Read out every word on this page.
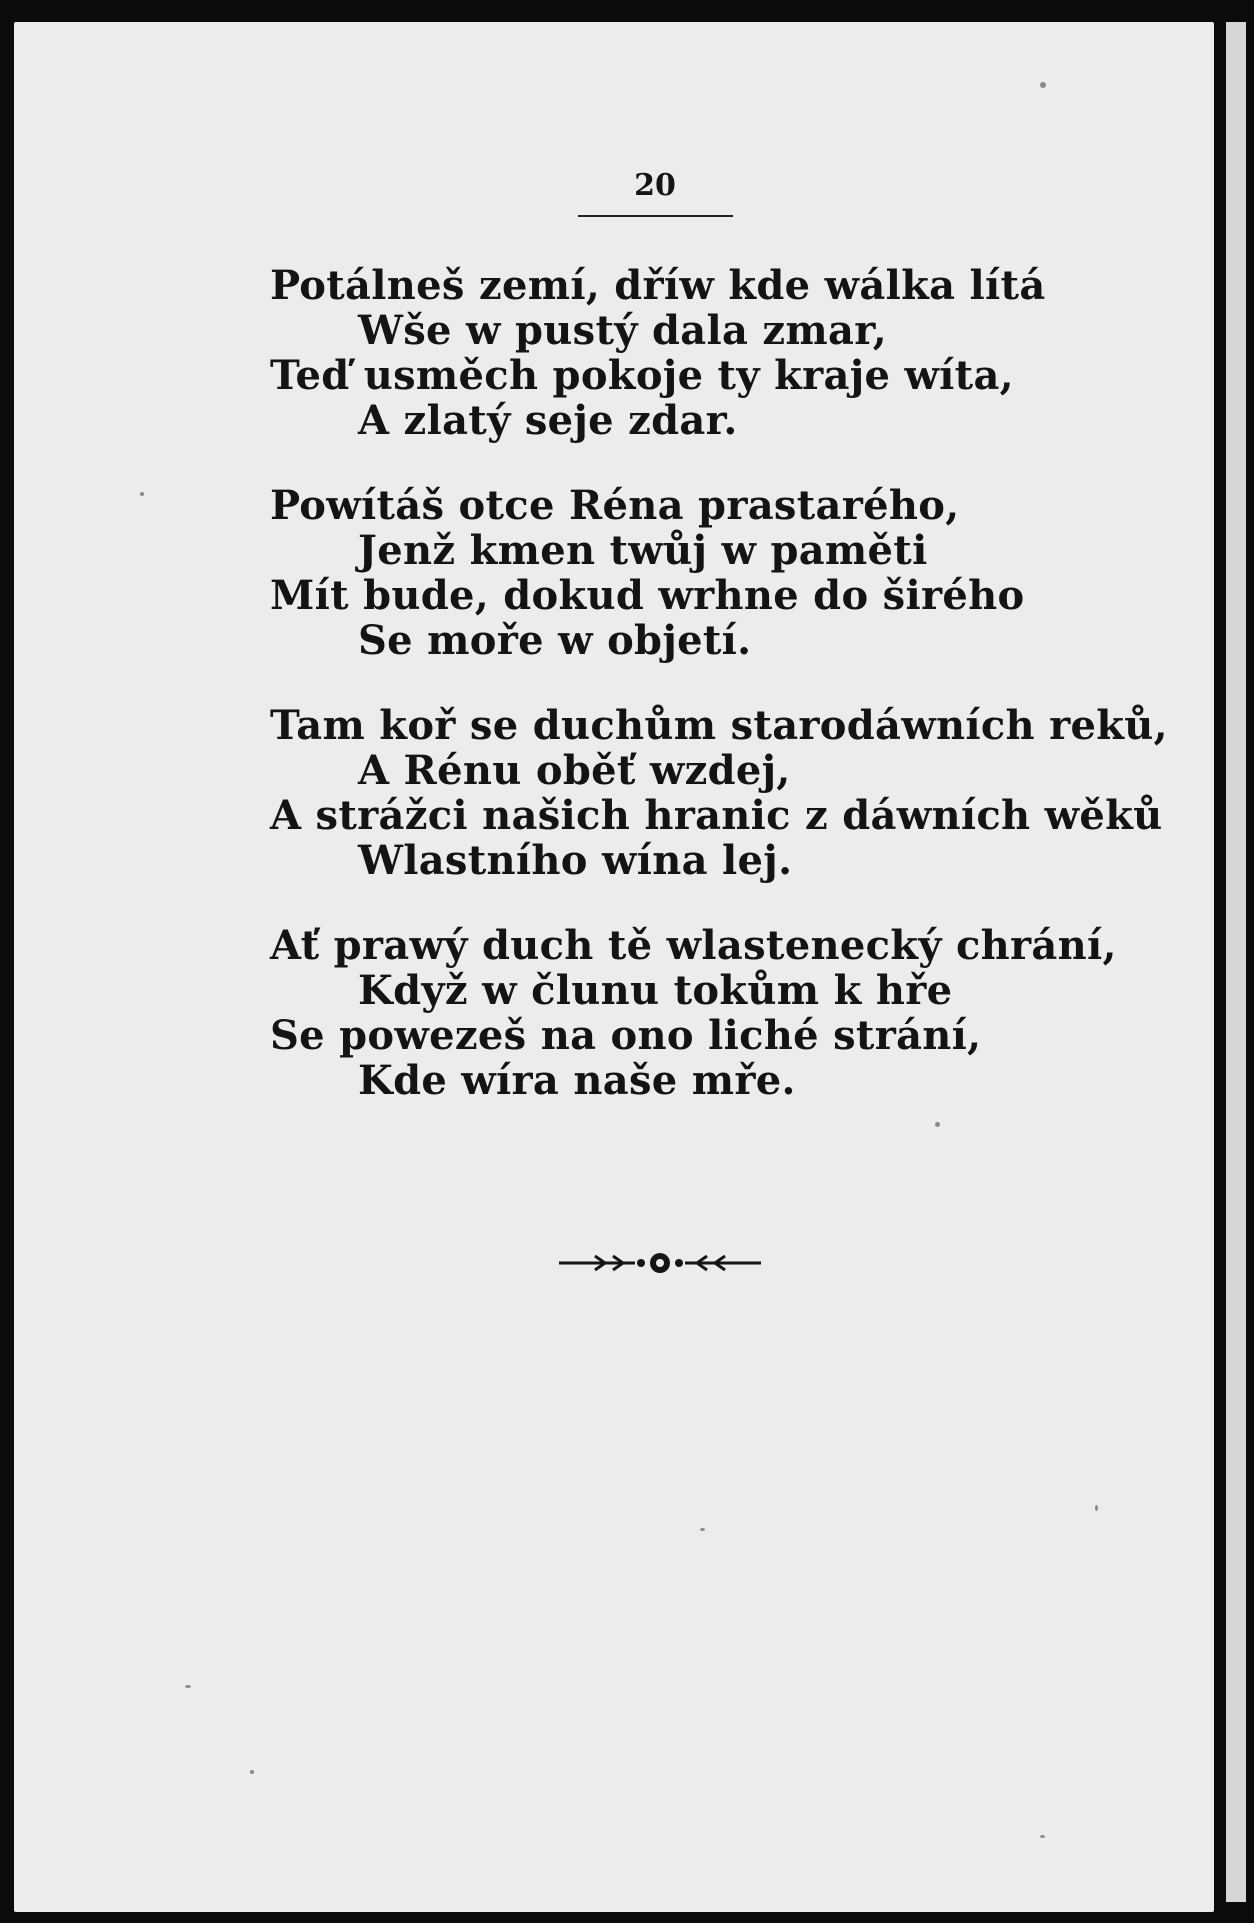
20
Potálneš zemí, dříw kde wálka lítá
Wše w pustý dala zmar,
Teď usměch pokoje ty kraje wíta,
A zlatý seje zdar.
Powítáš otce Réna prastarého,
Jenž kmen twůj w paměti
Mít bude, dokud wrhne do širého
Se moře w objetí.
Tam koř se duchům starodáwních reků,
A Rénu oběť wzdej,
A strážci našich hranic z dáwních wěků
Wlastního wína lej.
Ať prawý duch tě wlastenecký chrání,
Když w člunu tokům k hře
Se powezeš na ono liché strání,
Kde wíra naše mře.
